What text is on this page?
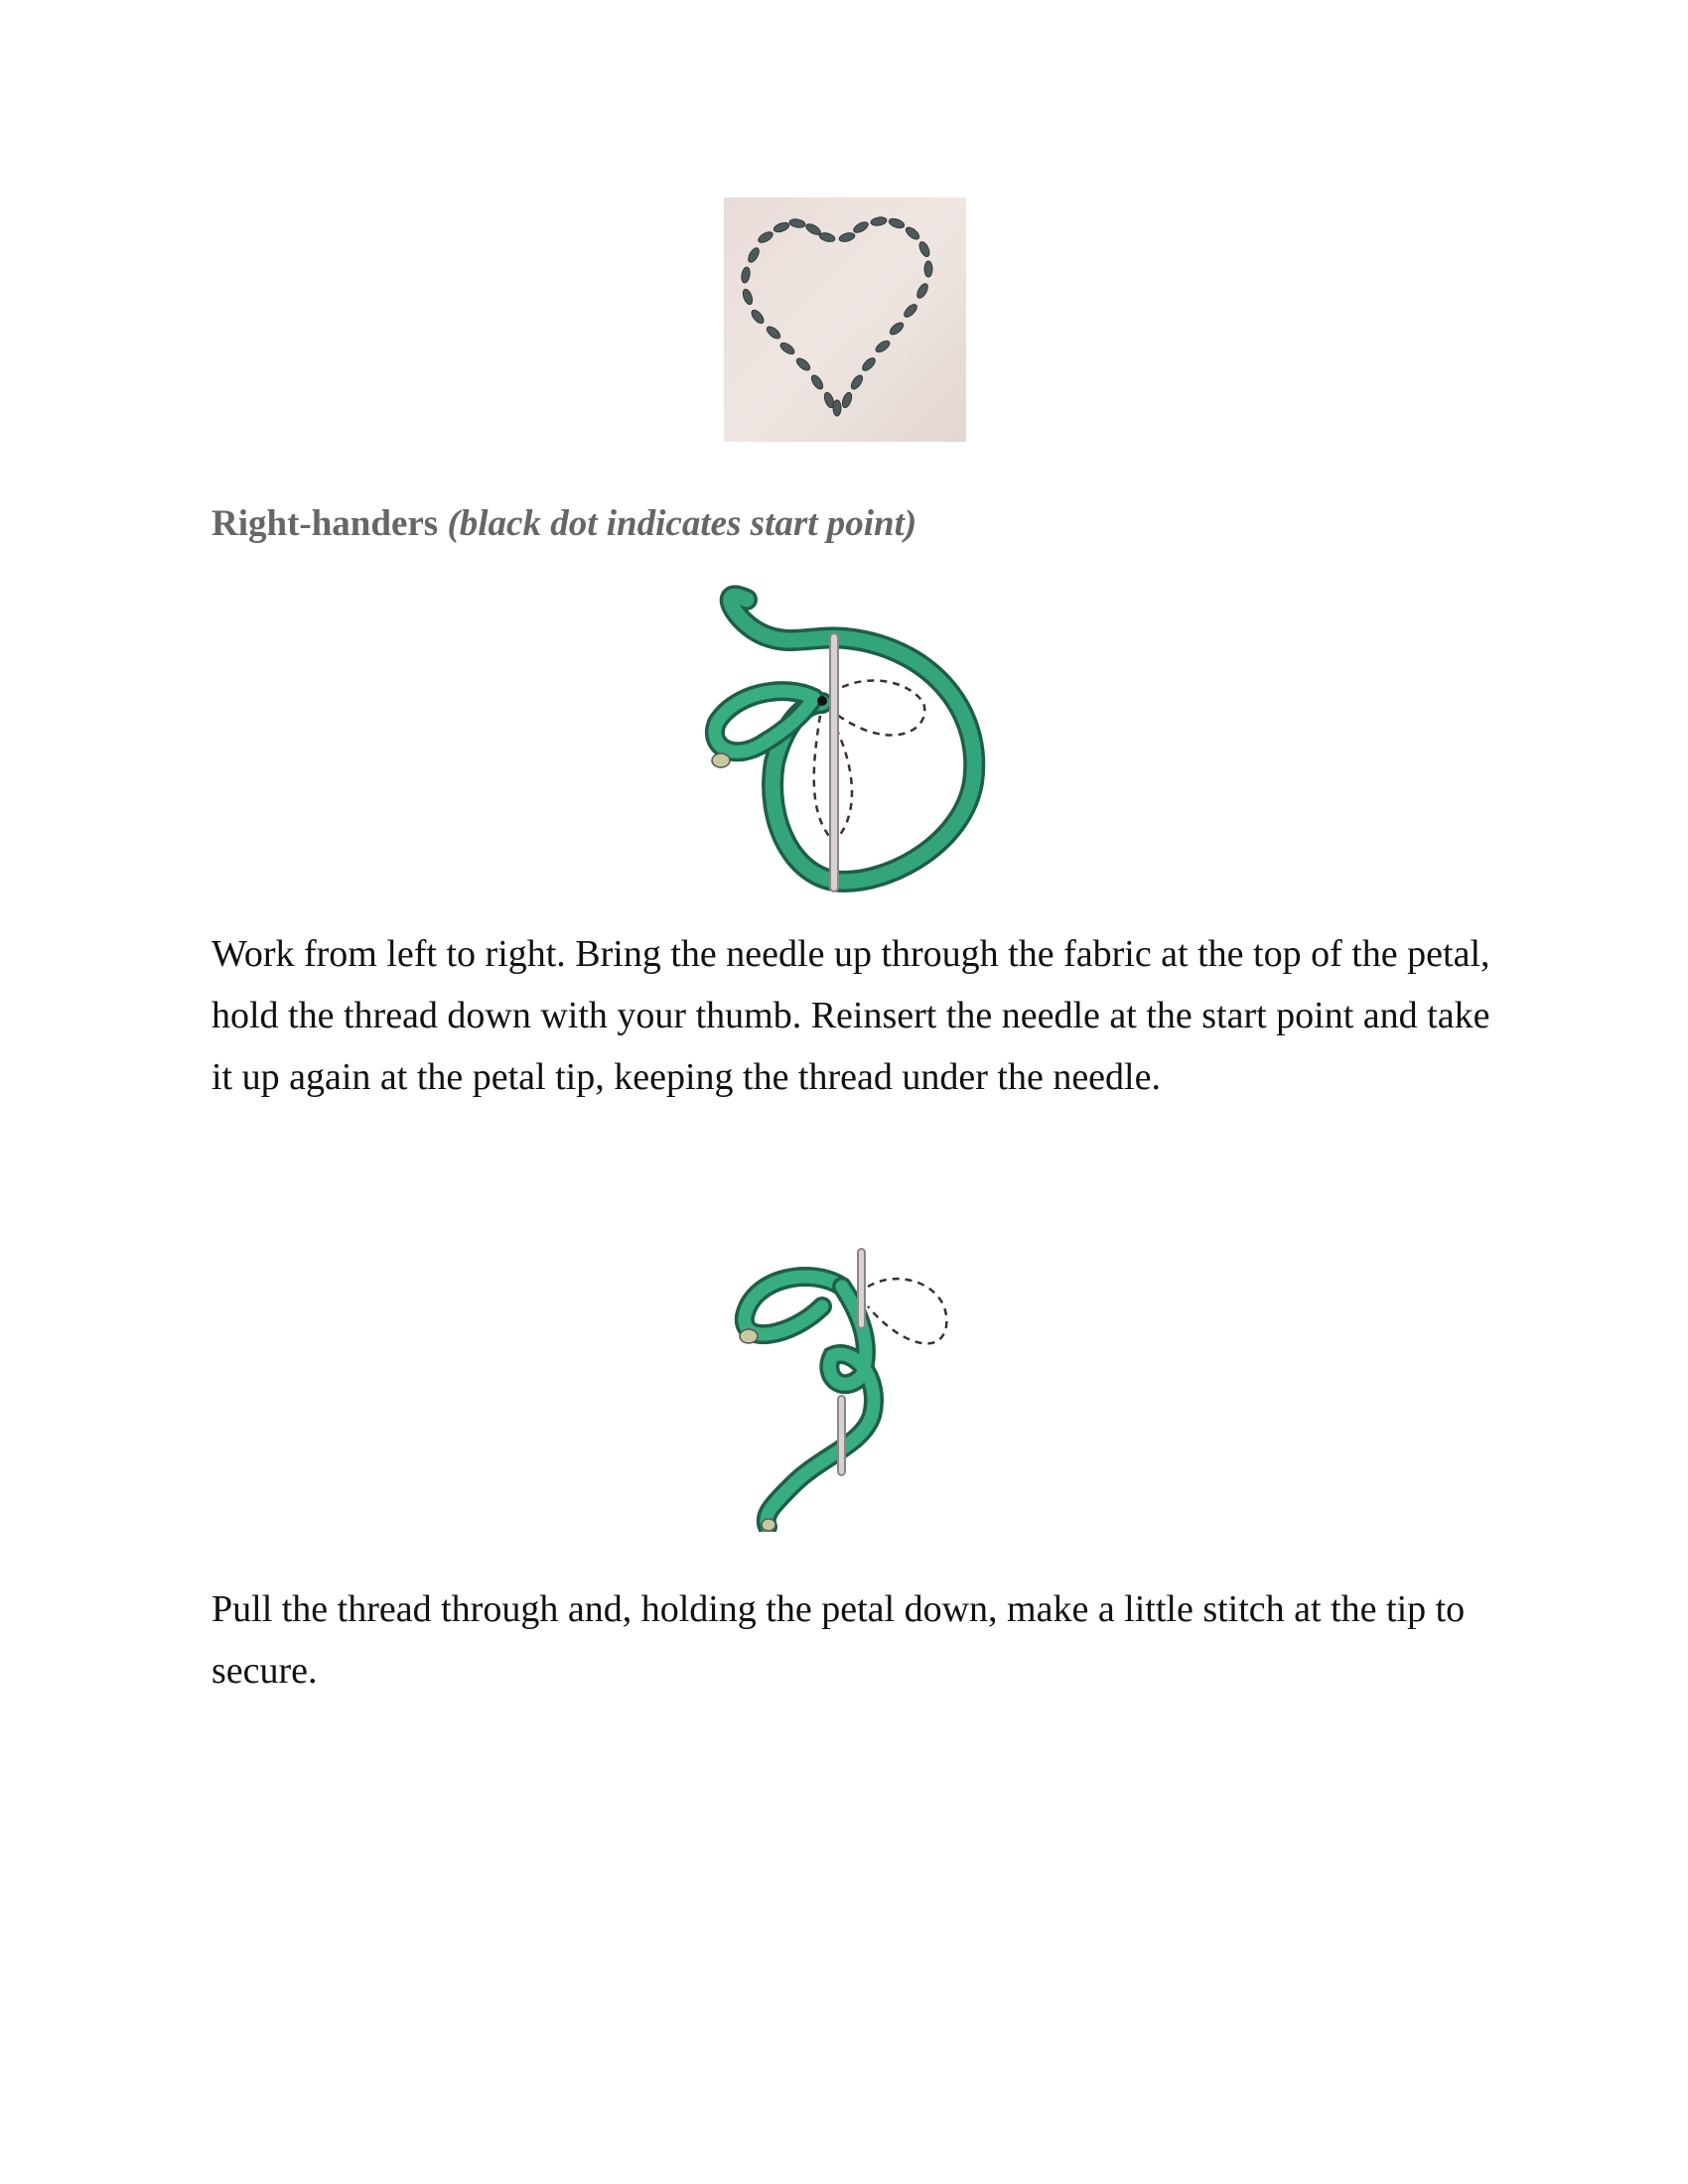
Right-handers (black dot indicates start point)

Work from left to right. Bring the needle up through the fabric at the top of the petal, hold the thread down with your thumb. Reinsert the needle at the start point and take it up again at the petal tip, keeping the thread under the needle.

Pull the thread through and, holding the petal down, make a little stitch at the tip to secure.
